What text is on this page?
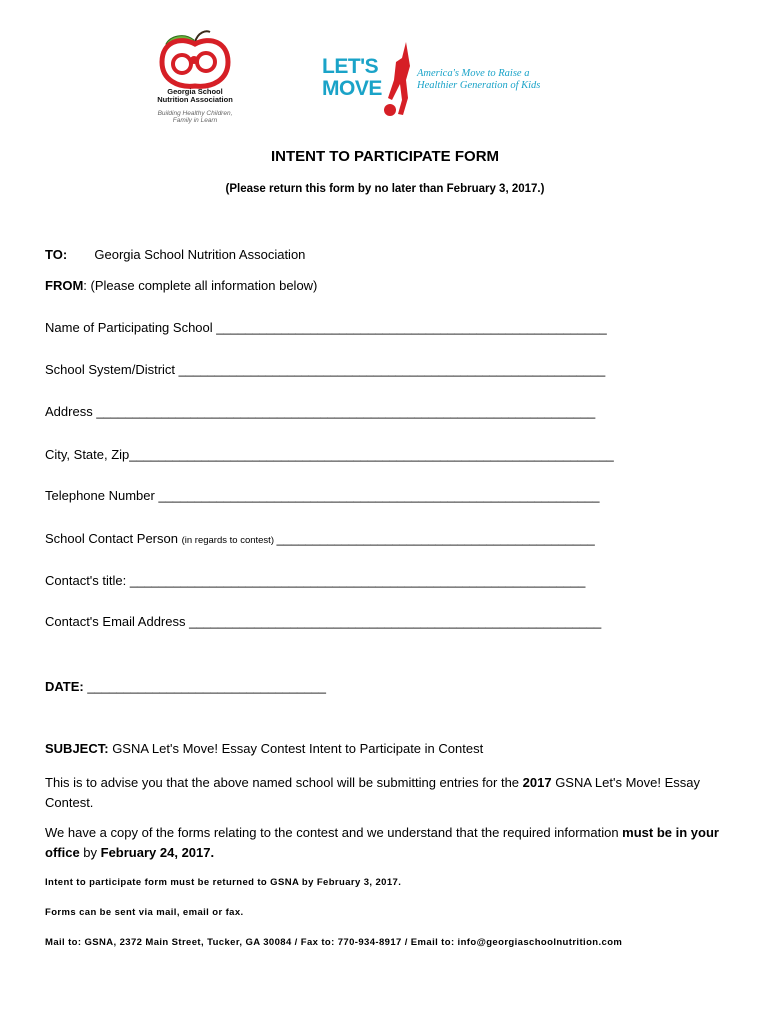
Georgia School
Nutrition Association
Building Healthy Children,
Family in Learn
LET'S
MOVE
America's Move to Raise a
Healthier Generation of Kids
INTENT TO PARTICIPATE FORM
(Please return this form by no later than February 3, 2017.)
TO: Georgia School Nutrition Association
FROM: (Please complete all information below)
Name of Participating School ______________________________________________________
School System/District ___________________________________________________________
Address _____________________________________________________________________
City, State, Zip___________________________________________________________________
Telephone Number _____________________________________________________________
School Contact Person (in regards to contest) ____________________________________________
Contact's title: _______________________________________________________________
Contact's Email Address _________________________________________________________
DATE: _________________________________
SUBJECT: GSNA Let's Move! Essay Contest Intent to Participate in Contest
This is to advise you that the above named school will be submitting entries for the 2017 GSNA Let's Move! Essay Contest.
We have a copy of the forms relating to the contest and we understand that the required information must be in your office by February 24, 2017.
Intent to participate form must be returned to GSNA by February 3, 2017.
Forms can be sent via mail, email or fax.
Mail to: GSNA, 2372 Main Street, Tucker, GA 30084 / Fax to: 770-934-8917 / Email to: info@georgiaschoolnutrition.com
